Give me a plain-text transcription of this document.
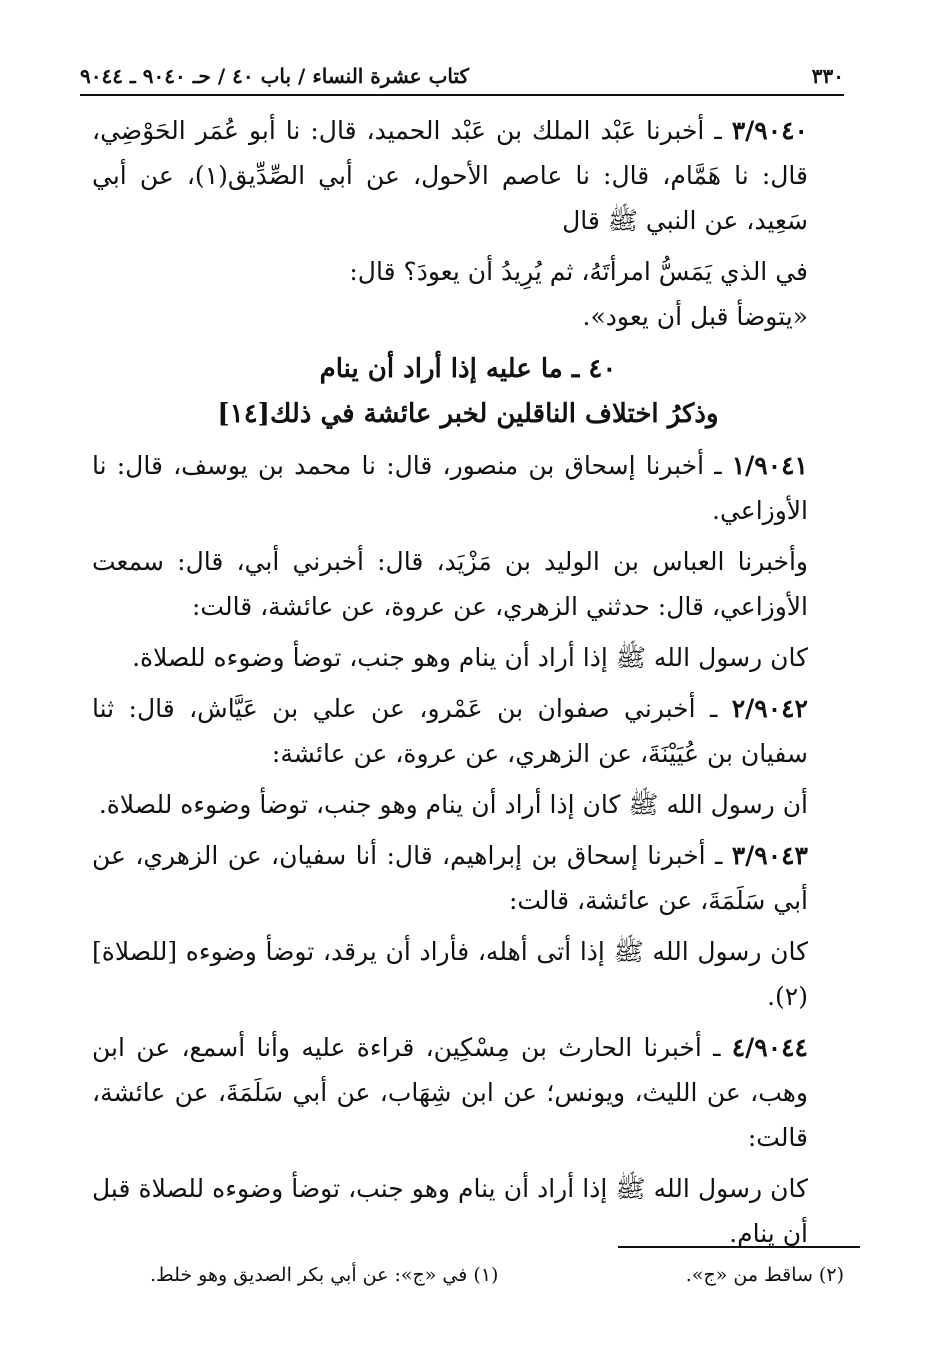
٣٣٠
كتاب عشرة النساء / باب ٤٠ / حـ ٩٠٤٠ ـ ٩٠٤٤

٣/٩٠٤٠ ـ أخبرنا عَبْد الملك بن عَبْد الحميد، قال: نا أبو عُمَر الحَوْضِي، قال: نا هَمَّام، قال: نا عاصم الأحول، عن أبي الصِّدِّيق(١)، عن أبي سَعِيد، عن النبي ﷺ قال

في الذي يَمَسُّ امرأتَهُ، ثم يُرِيدُ أن يعودَ؟ قال:

«يتوضأ قبل أن يعود».

٤٠ ـ ما عليه إذا أراد أن ينام

وذكرُ اختلاف الناقلين لخبر عائشة في ذلك[١٤]

١/٩٠٤١ ـ أخبرنا إسحاق بن منصور، قال: نا محمد بن يوسف، قال: نا الأوزاعي.

وأخبرنا العباس بن الوليد بن مَزْيَد، قال: أخبرني أبي، قال: سمعت الأوزاعي، قال: حدثني الزهري، عن عروة، عن عائشة، قالت:

كان رسول الله ﷺ إذا أراد أن ينام وهو جنب، توضأ وضوءه للصلاة.

٢/٩٠٤٢ ـ أخبرني صفوان بن عَمْرو، عن علي بن عَيَّاش، قال: ثنا سفيان بن عُيَيْنَةَ، عن الزهري، عن عروة، عن عائشة:

أن رسول الله ﷺ كان إذا أراد أن ينام وهو جنب، توضأ وضوءه للصلاة.

٣/٩٠٤٣ ـ أخبرنا إسحاق بن إبراهيم، قال: أنا سفيان، عن الزهري، عن أبي سَلَمَةَ، عن عائشة، قالت:

كان رسول الله ﷺ إذا أتى أهله، فأراد أن يرقد، توضأ وضوءه [للصلاة](٢).

٤/٩٠٤٤ ـ أخبرنا الحارث بن مِسْكِين، قراءة عليه وأنا أسمع، عن ابن وهب، عن الليث، ويونس؛ عن ابن شِهَاب، عن أبي سَلَمَةَ، عن عائشة، قالت:

كان رسول الله ﷺ إذا أراد أن ينام وهو جنب، توضأ وضوءه للصلاة قبل أن ينام.

(١) في «ج»: عن أبي بكر الصديق وهو خلط.	(٢) ساقط من «ج».
